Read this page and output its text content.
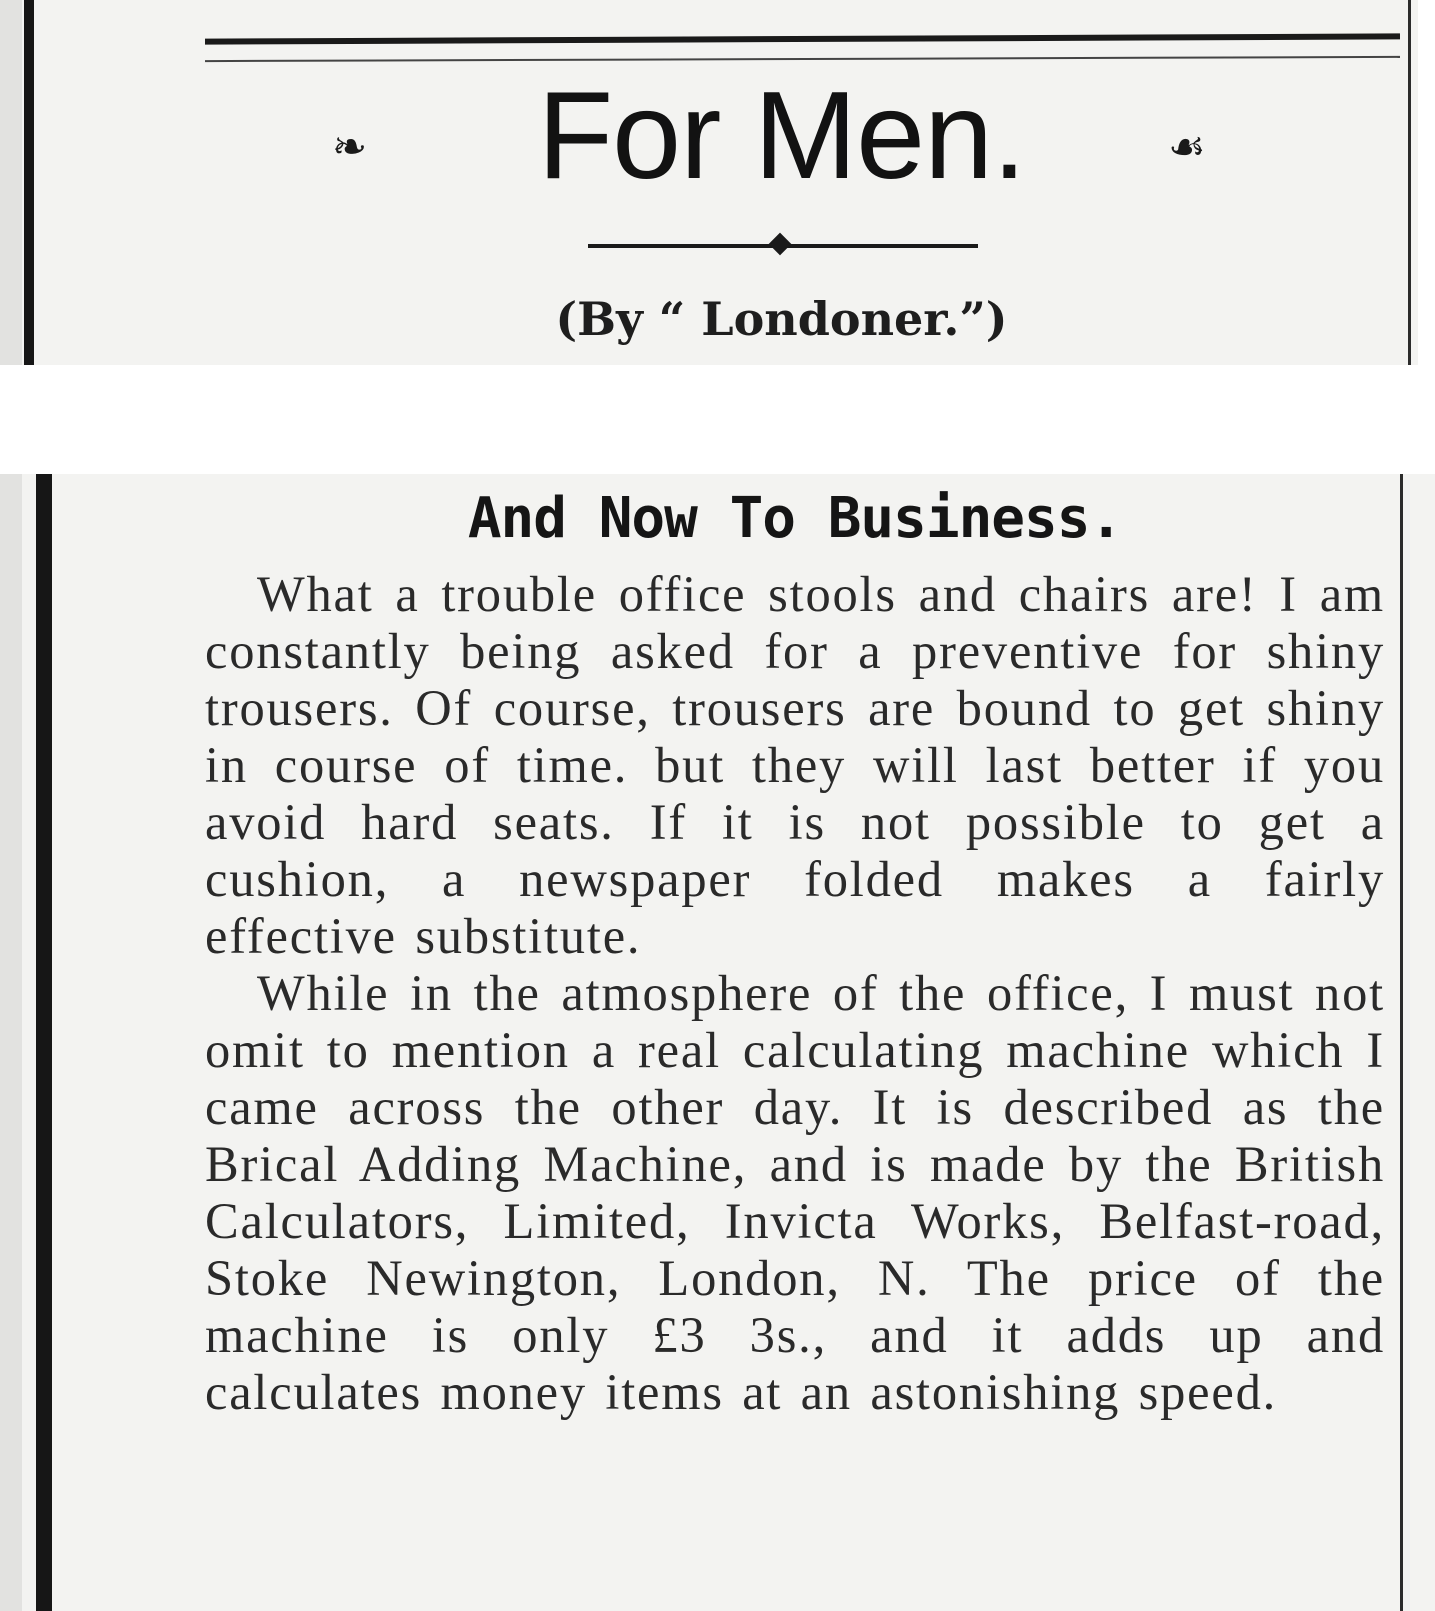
❧	For Men.	☙
(By “ Londoner.”)
And Now To Business.

What a trouble office stools and chairs are! I am constantly being asked for a preventive for shiny trousers. Of course, trousers are bound to get shiny in course of time. but they will last better if you avoid hard seats. If it is not possible to get a cushion, a newspaper folded makes a fairly effective substitute.

While in the atmosphere of the office, I must not omit to mention a real calculating machine which I came across the other day. It is described as the Brical Adding Machine, and is made by the British Calculators, Limited, Invicta Works, Belfast-road, Stoke Newington, London, N. The price of the machine is only £3 3s., and it adds up and calculates money items at an astonishing speed.
